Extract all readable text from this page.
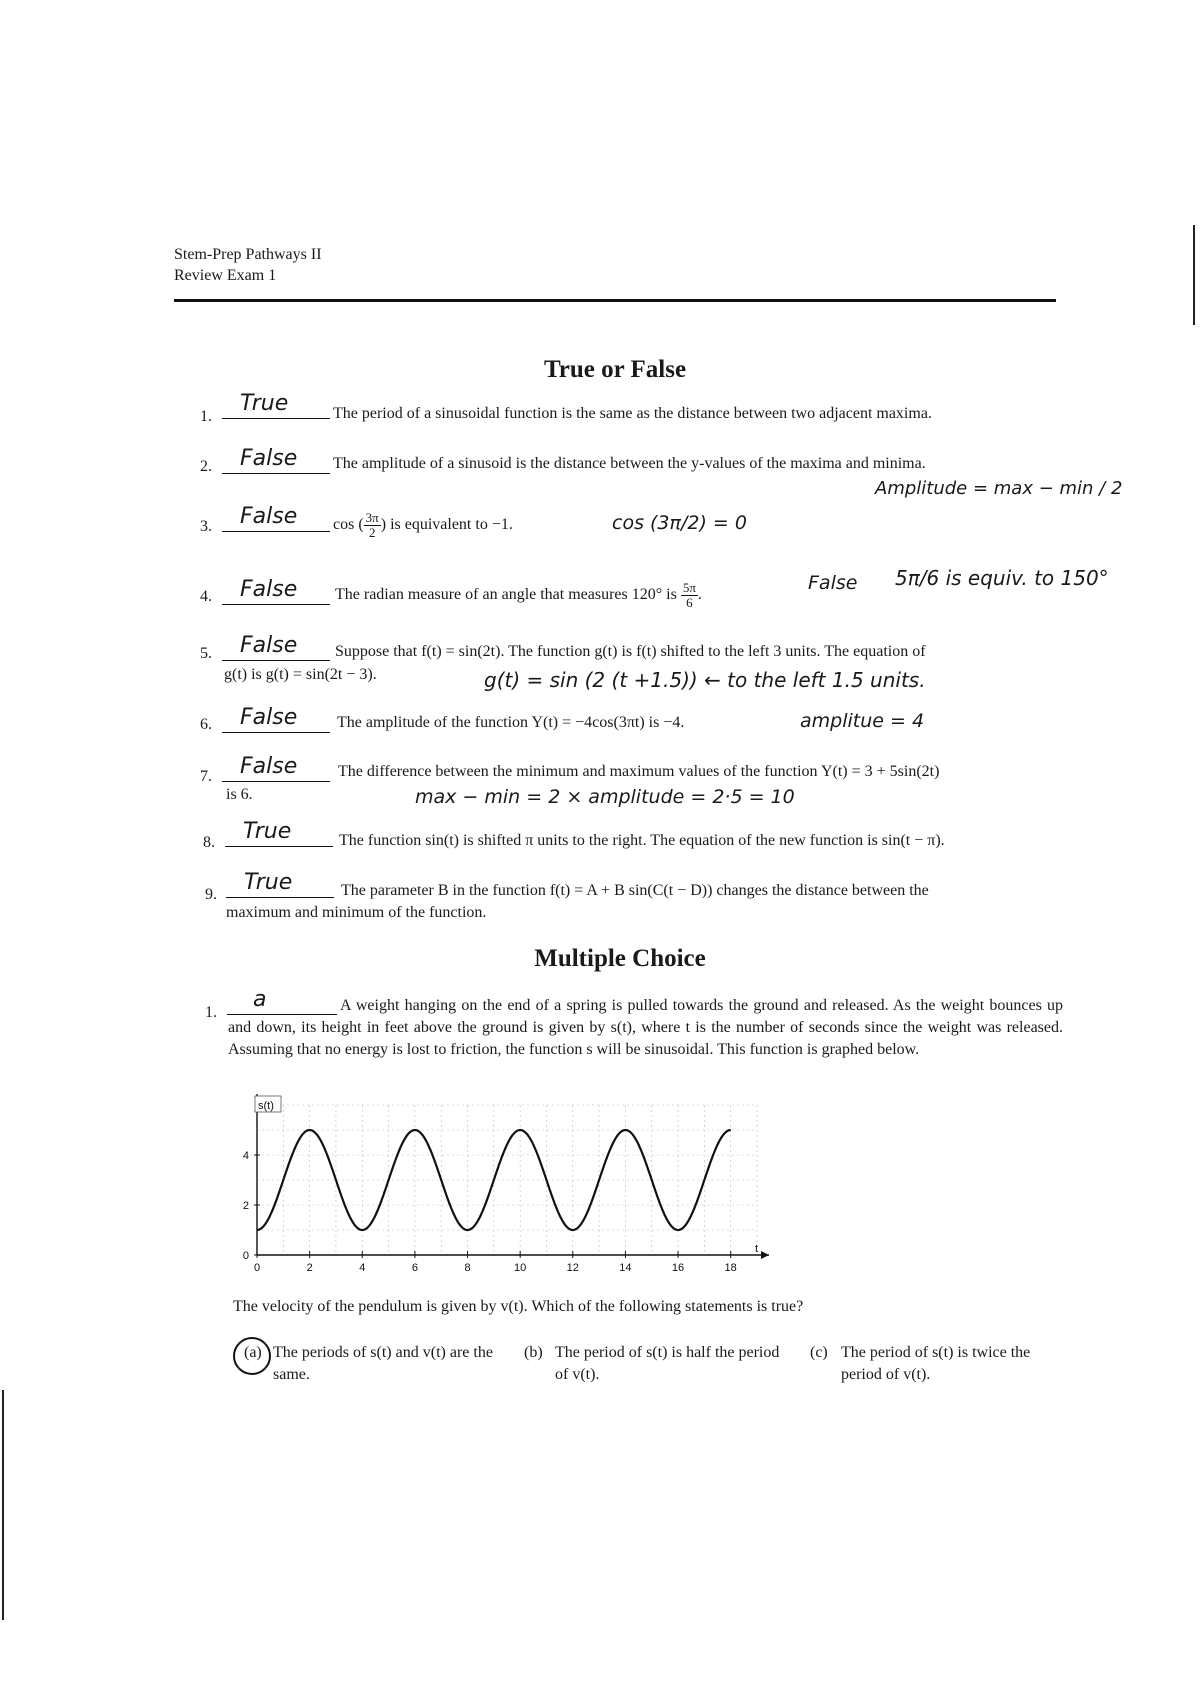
Stem-Prep Pathways II
Review Exam 1
True or False
1.
True	The period of a sinusoidal function is the same as the distance between two adjacent maxima.
2. False The amplitude of a sinusoid is the distance between the y-values of the maxima and minima.
Amplitude = max − min / 2
3. False cos ( $\frac{3\pi}{2}$ ) is equivalent to −1.	cos (3π/2) = 0
4. False The radian measure of an angle that measures 120° is $\frac{5\pi}{6}$ .
False 5π/6 is equiv. to 150°
5. False Suppose that f(t) = sin(2t). The function g(t) is f(t) shifted to the left 3 units. The equation of
g(t) is g(t) = sin(2t − 3).	g(t) = sin (2 (t +1.5)) ← to the left 1.5 units.
6. False The amplitude of the function Y(t) = −4cos(3πt) is −4.	amplitue = 4
7. False	The difference between the minimum and maximum values of the function Y(t) = 3 + 5sin(2t)
is 6.	max − min = 2 × amplitude = 2·5 = 10
8. True	The function sin(t) is shifted π units to the right. The equation of the new function is sin(t − π).
9. True	The parameter B in the function f(t) = A + B sin(C(t − D)) changes the distance between the
maximum and minimum of the function.
Multiple Choice
1.
a	A weight hanging on the end of a spring is pulled towards the ground and released. As the weight bounces up and down, its height in feet above the ground is given by s(t), where t is the number of seconds since the weight was released. Assuming that no energy is lost to friction, the function s will be sinusoidal. This function is graphed below.
0	2	4	6	8	10	12	14	16	18
0
2
4
s(t)
t
The velocity of the pendulum is given by v(t). Which of the following statements is true?
(a) The periods of s(t) and v(t) are the same.
(b) The period of s(t) is half the period of v(t).
(c) The period of s(t) is twice the period of v(t).
